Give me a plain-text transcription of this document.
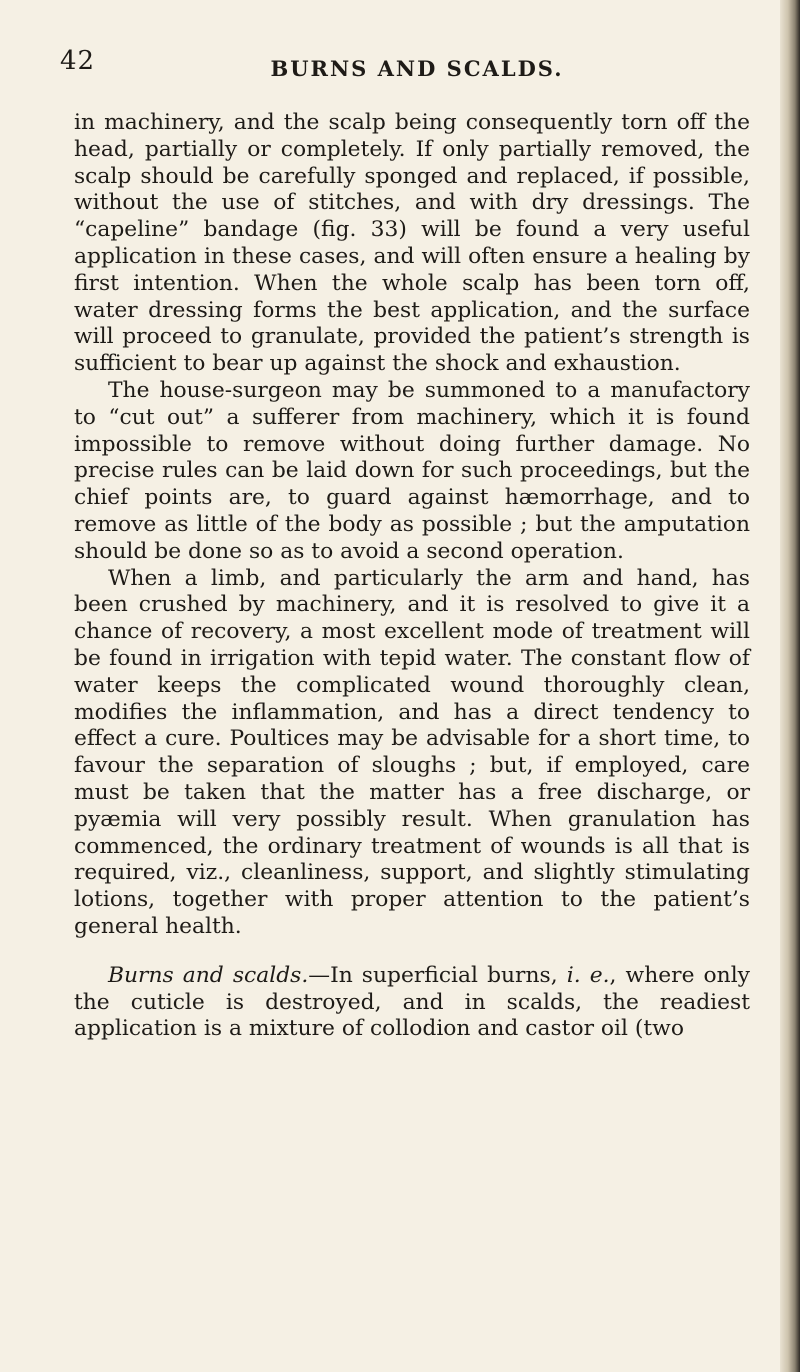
42	BURNS AND SCALDS.

in machinery, and the scalp being consequently torn off the head, partially or completely. If only partially removed, the scalp should be carefully sponged and replaced, if possible, without the use of stitches, and with dry dressings. The “capeline” bandage (fig. 33) will be found a very useful application in these cases, and will often ensure a healing by first intention. When the whole scalp has been torn off, water dressing forms the best application, and the surface will proceed to granulate, provided the patient’s strength is sufficient to bear up against the shock and exhaustion.

The house-surgeon may be summoned to a manufactory to “cut out” a sufferer from machinery, which it is found impossible to remove without doing further damage. No precise rules can be laid down for such proceedings, but the chief points are, to guard against hæmorrhage, and to remove as little of the body as possible ; but the amputation should be done so as to avoid a second operation.

When a limb, and particularly the arm and hand, has been crushed by machinery, and it is resolved to give it a chance of recovery, a most excellent mode of treatment will be found in irrigation with tepid water. The constant flow of water keeps the complicated wound thoroughly clean, modifies the inflammation, and has a direct tendency to effect a cure. Poultices may be advisable for a short time, to favour the separation of sloughs ; but, if employed, care must be taken that the matter has a free discharge, or pyæmia will very possibly result. When granulation has commenced, the ordinary treatment of wounds is all that is required, viz., cleanliness, support, and slightly stimulating lotions, together with proper attention to the patient’s general health.

Burns and scalds.—In superficial burns, i. e., where only the cuticle is destroyed, and in scalds, the readiest application is a mixture of collodion and castor oil (two
